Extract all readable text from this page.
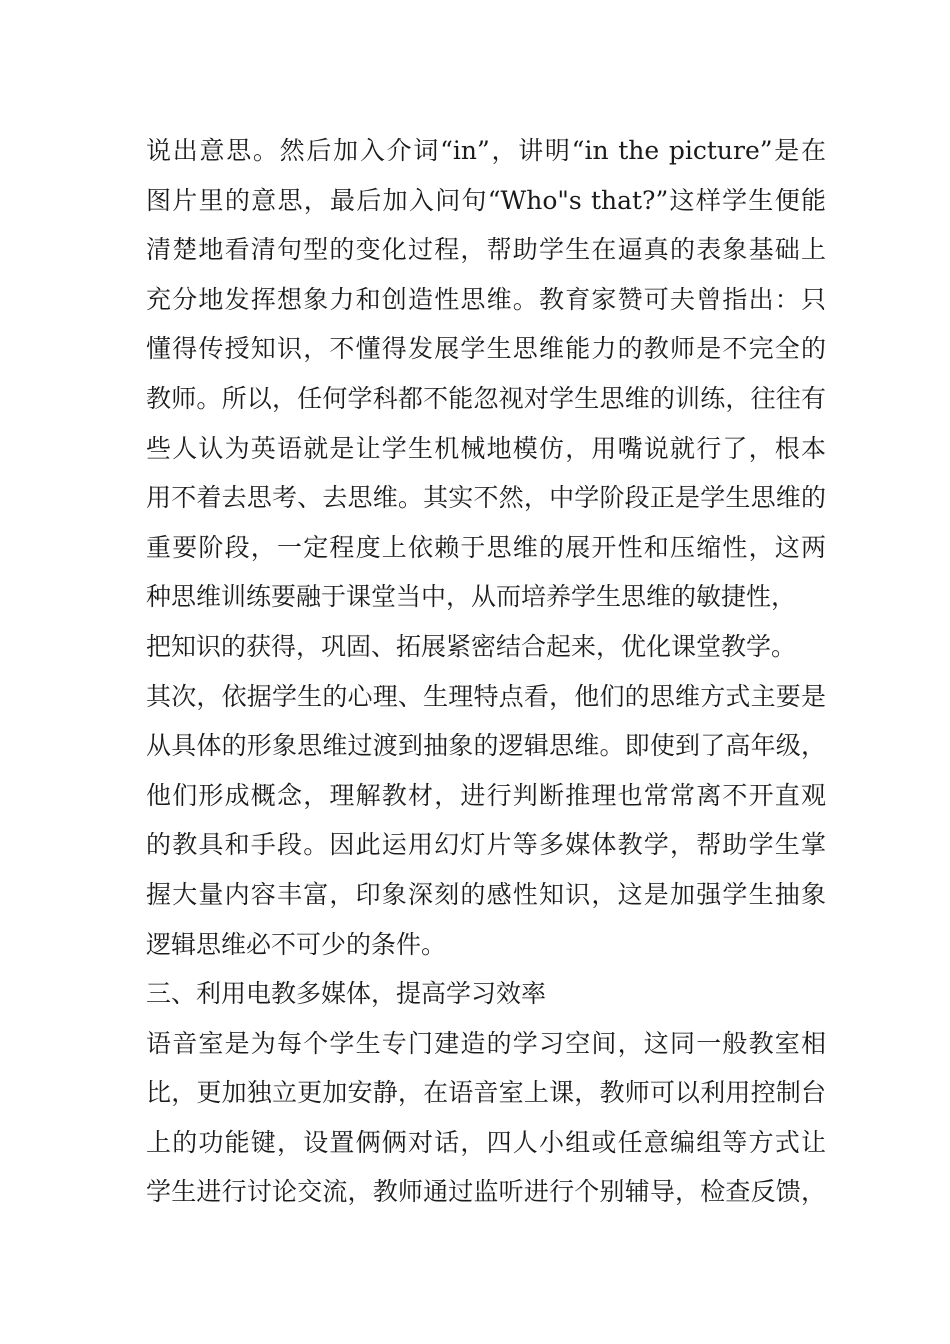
说出意思。然后加入介词“in”，讲明“in the picture”是在
图片里的意思，最后加入问句“Who"s that?”这样学生便能
清楚地看清句型的变化过程，帮助学生在逼真的表象基础上
充分地发挥想象力和创造性思维。教育家赞可夫曾指出：只
懂得传授知识，不懂得发展学生思维能力的教师是不完全的
教师。所以，任何学科都不能忽视对学生思维的训练，往往有
些人认为英语就是让学生机械地模仿，用嘴说就行了，根本
用不着去思考、去思维。其实不然，中学阶段正是学生思维的
重要阶段，一定程度上依赖于思维的展开性和压缩性，这两
种思维训练要融于课堂当中，从而培养学生思维的敏捷性，
把知识的获得，巩固、拓展紧密结合起来，优化课堂教学。
其次，依据学生的心理、生理特点看，他们的思维方式主要是
从具体的形象思维过渡到抽象的逻辑思维。即使到了高年级，
他们形成概念，理解教材，进行判断推理也常常离不开直观
的教具和手段。因此运用幻灯片等多媒体教学，帮助学生掌
握大量内容丰富，印象深刻的感性知识，这是加强学生抽象
逻辑思维必不可少的条件。
三、利用电教多媒体，提高学习效率
语音室是为每个学生专门建造的学习空间，这同一般教室相
比，更加独立更加安静，在语音室上课，教师可以利用控制台
上的功能键，设置俩俩对话，四人小组或任意编组等方式让
学生进行讨论交流，教师通过监听进行个别辅导，检查反馈，
